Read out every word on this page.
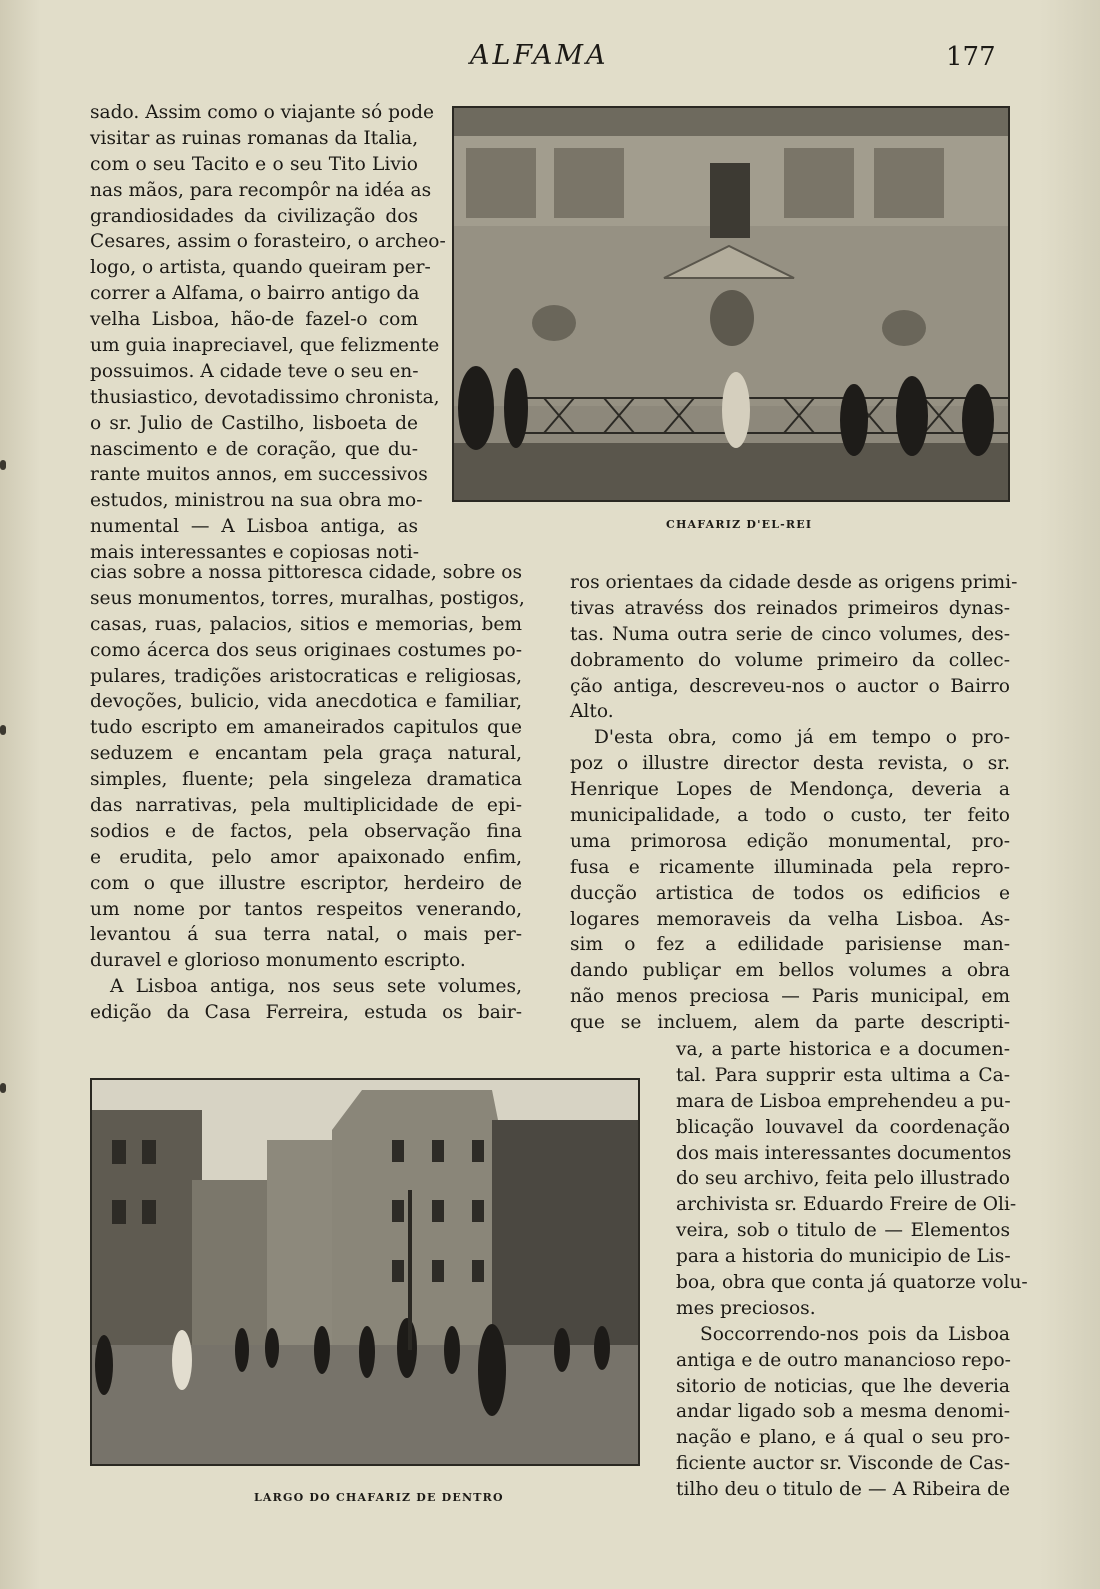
ALFAMA	177
sado. Assim como o viajante só pode
visitar as ruinas romanas da Italia,
com o seu Tacito e o seu Tito Livio
nas mãos, para recompôr na idéa as
grandiosidades da civilização dos
Cesares, assim o forasteiro, o archeo-
logo, o artista, quando queiram per-
correr a Alfama, o bairro antigo da
velha Lisboa, hão-de fazel-o com
um guia inapreciavel, que felizmente
possuimos. A cidade teve o seu en-
thusiastico, devotadissimo chronista,
o sr. Julio de Castilho, lisboeta de
nascimento e de coração, que du-
rante muitos annos, em successivos
estudos, ministrou na sua obra mo-
numental — A Lisboa antiga, as
mais interessantes e copiosas noti-
CHAFARIZ D'EL-REI
cias sobre a nossa pittoresca cidade, sobre os
seus monumentos, torres, muralhas, postigos,
casas, ruas, palacios, sitios e memorias, bem
como ácerca dos seus originaes costumes po-
pulares, tradições aristocraticas e religiosas,
devoções, bulicio, vida anecdotica e familiar,
tudo escripto em amaneirados capitulos que
seduzem e encantam pela graça natural,
simples, fluente; pela singeleza dramatica
das narrativas, pela multiplicidade de epi-
sodios e de factos, pela observação fina
e erudita, pelo amor apaixonado enfim,
com o que illustre escriptor, herdeiro de
um nome por tantos respeitos venerando,
levantou á sua terra natal, o mais per-
duravel e glorioso monumento escripto.
A Lisboa antiga, nos seus sete volumes,
edição da Casa Ferreira, estuda os bair-
ros orientaes da cidade desde as origens primi-
tivas atravéss dos reinados primeiros dynas-
tas. Numa outra serie de cinco volumes, des-
dobramento do volume primeiro da collec-
ção antiga, descreveu-nos o auctor o Bairro
Alto.
D'esta obra, como já em tempo o pro-
poz o illustre director desta revista, o sr.
Henrique Lopes de Mendonça, deveria a
municipalidade, a todo o custo, ter feito
uma primorosa edição monumental, pro-
fusa e ricamente illuminada pela repro-
ducção artistica de todos os edificios e
logares memoraveis da velha Lisboa. As-
sim o fez a edilidade parisiense man-
dando publiçar em bellos volumes a obra
não menos preciosa — Paris municipal, em
que se incluem, alem da parte descripti-
LARGO DO CHAFARIZ DE DENTRO
va, a parte historica e a documen-
tal. Para supprir esta ultima a Ca-
mara de Lisboa emprehendeu a pu-
blicação louvavel da coordenação
dos mais interessantes documentos
do seu archivo, feita pelo illustrado
archivista sr. Eduardo Freire de Oli-
veira, sob o titulo de — Elementos
para a historia do municipio de Lis-
boa, obra que conta já quatorze volu-
mes preciosos.
Soccorrendo-nos pois da Lisboa
antiga e de outro manancioso repo-
sitorio de noticias, que lhe deveria
andar ligado sob a mesma denomi-
nação e plano, e á qual o seu pro-
ficiente auctor sr. Visconde de Cas-
tilho deu o titulo de — A Ribeira de
